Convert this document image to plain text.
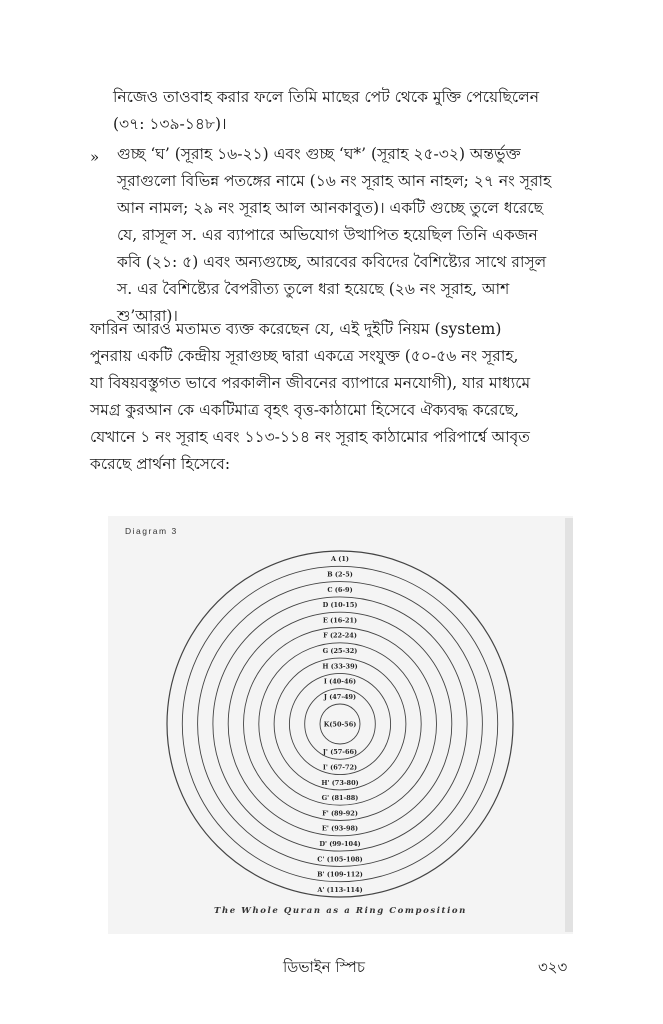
নিজেও তাওবাহ করার ফলে তিমি মাছের পেট থেকে মুক্তি পেয়েছিলেন
(৩৭: ১৩৯-১৪৮)।
» গুচ্ছ ‘ঘ’ (সূরাহ ১৬-২১) এবং গুচ্ছ ‘ঘ*’ (সূরাহ ২৫-৩২) অন্তর্ভুক্ত
সূরাগুলো বিভিন্ন পতঙ্গের নামে (১৬ নং সূরাহ আন নাহল; ২৭ নং সূরাহ
আন নামল; ২৯ নং সূরাহ আল আনকাবুত)। একটি গুচ্ছে তুলে ধরেছে
যে, রাসূল স. এর ব্যাপারে অভিযোগ উত্থাপিত হয়েছিল তিনি একজন
কবি (২১: ৫) এবং অন্যগুচ্ছে, আরবের কবিদের বৈশিষ্ট্যের সাথে রাসূল
স. এর বৈশিষ্ট্যের বৈপরীত্য তুলে ধরা হয়েছে (২৬ নং সূরাহ, আশ
শু’আরা)।
ফারিন আরও মতামত ব্যক্ত করেছেন যে, এই দুইটি নিয়ম (system)
পুনরায় একটি কেন্দ্রীয় সূরাগুচ্ছ দ্বারা একত্রে সংযুক্ত (৫০-৫৬ নং সূরাহ,
যা বিষয়বস্তুগত ভাবে পরকালীন জীবনের ব্যাপারে মনযোগী), যার মাধ্যমে
সমগ্র কুরআন কে একটিমাত্র বৃহৎ বৃত্ত-কাঠামো হিসেবে ঐক্যবদ্ধ করেছে,
যেখানে ১ নং সূরাহ এবং ১১৩-১১৪ নং সূরাহ কাঠামোর পরিপার্শ্বে আবৃত
করেছে প্রার্থনা হিসেবে:
Diagram 3
A (1)
B (2-5)
C (6-9)
D (10-15)
E (16-21)
F (22-24)
G (25-32)
H (33-39)
I (40-46)
J (47-49)
J' (57-66)
I' (67-72)
H' (73-80)
G' (81-88)
F' (89-92)
E' (93-98)
D' (99-104)
C' (105-108)
B' (109-112)
A' (113-114)
K(50-56)
The Whole Quran as a Ring Composition
ডিভাইন স্পিচ	৩২৩
